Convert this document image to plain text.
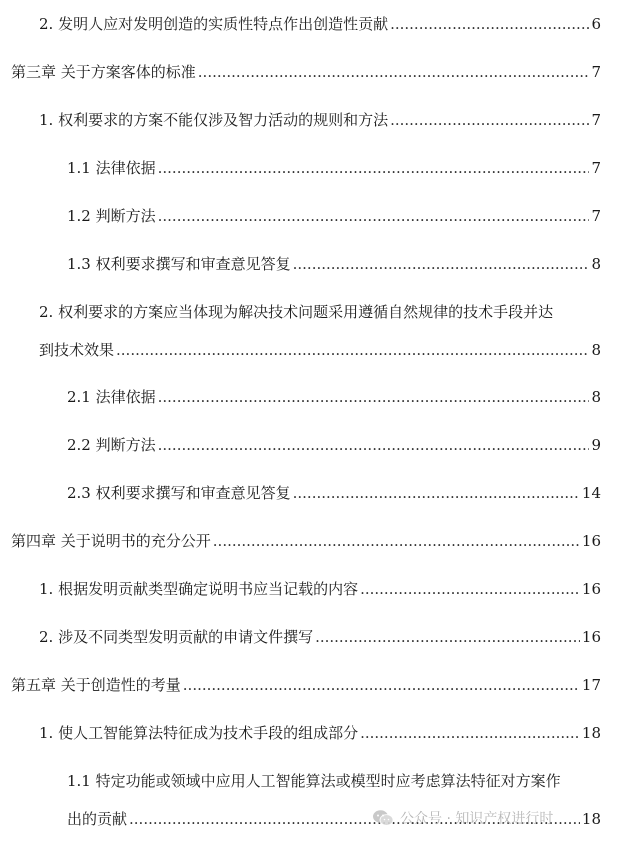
2. 发明人应对发明创造的实质性特点作出创造性贡献 .....	6
第三章 关于方案客体的标准 .....	7
1. 权利要求的方案不能仅涉及智力活动的规则和方法 .....	7
1.1 法律依据 .....	7
1.2 判断方法 .....	7
1.3 权利要求撰写和审查意见答复 .....	8
2. 权利要求的方案应当体现为解决技术问题采用遵循自然规律的技术手段并达
到技术效果 .....	8
2.1 法律依据 .....	8
2.2 判断方法 .....	9
2.3 权利要求撰写和审查意见答复 .....	14
第四章 关于说明书的充分公开 .....	16
1. 根据发明贡献类型确定说明书应当记载的内容 .....	16
2. 涉及不同类型发明贡献的申请文件撰写 .....	16
第五章 关于创造性的考量 .....	17
1. 使人工智能算法特征成为技术手段的组成部分 .....	18
1.1 特定功能或领域中应用人工智能算法或模型时应考虑算法特征对方案作
出的贡献 .....	18
公众号 · 知识产权进行时
